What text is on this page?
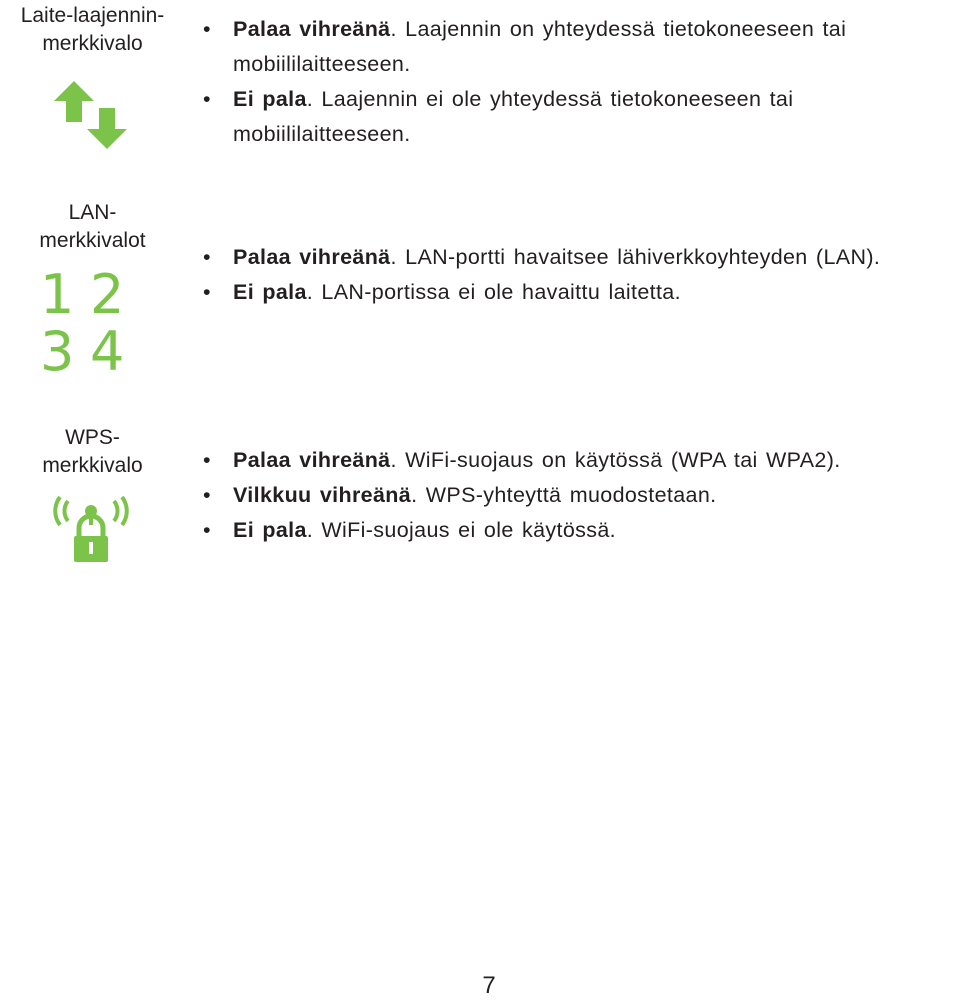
Laite-laajennin-
merkkivalo
• Palaa vihreänä. Laajennin on yhteydessä tietokoneeseen tai mobiililaitteeseen.
• Ei pala. Laajennin ei ole yhteydessä tietokoneeseen tai mobiililaitteeseen.
LAN-
merkkivalot
1 2
3 4
• Palaa vihreänä. LAN-portti havaitsee lähiverkkoyhteyden (LAN).
• Ei pala. LAN-portissa ei ole havaittu laitetta.
WPS-
merkkivalo
•	Palaa vihreänä. WiFi-suojaus on käytössä (WPA tai WPA2).
• Vilkkuu vihreänä. WPS-yhteyttä muodostetaan.
• Ei pala. WiFi-suojaus ei ole käytössä.
7
